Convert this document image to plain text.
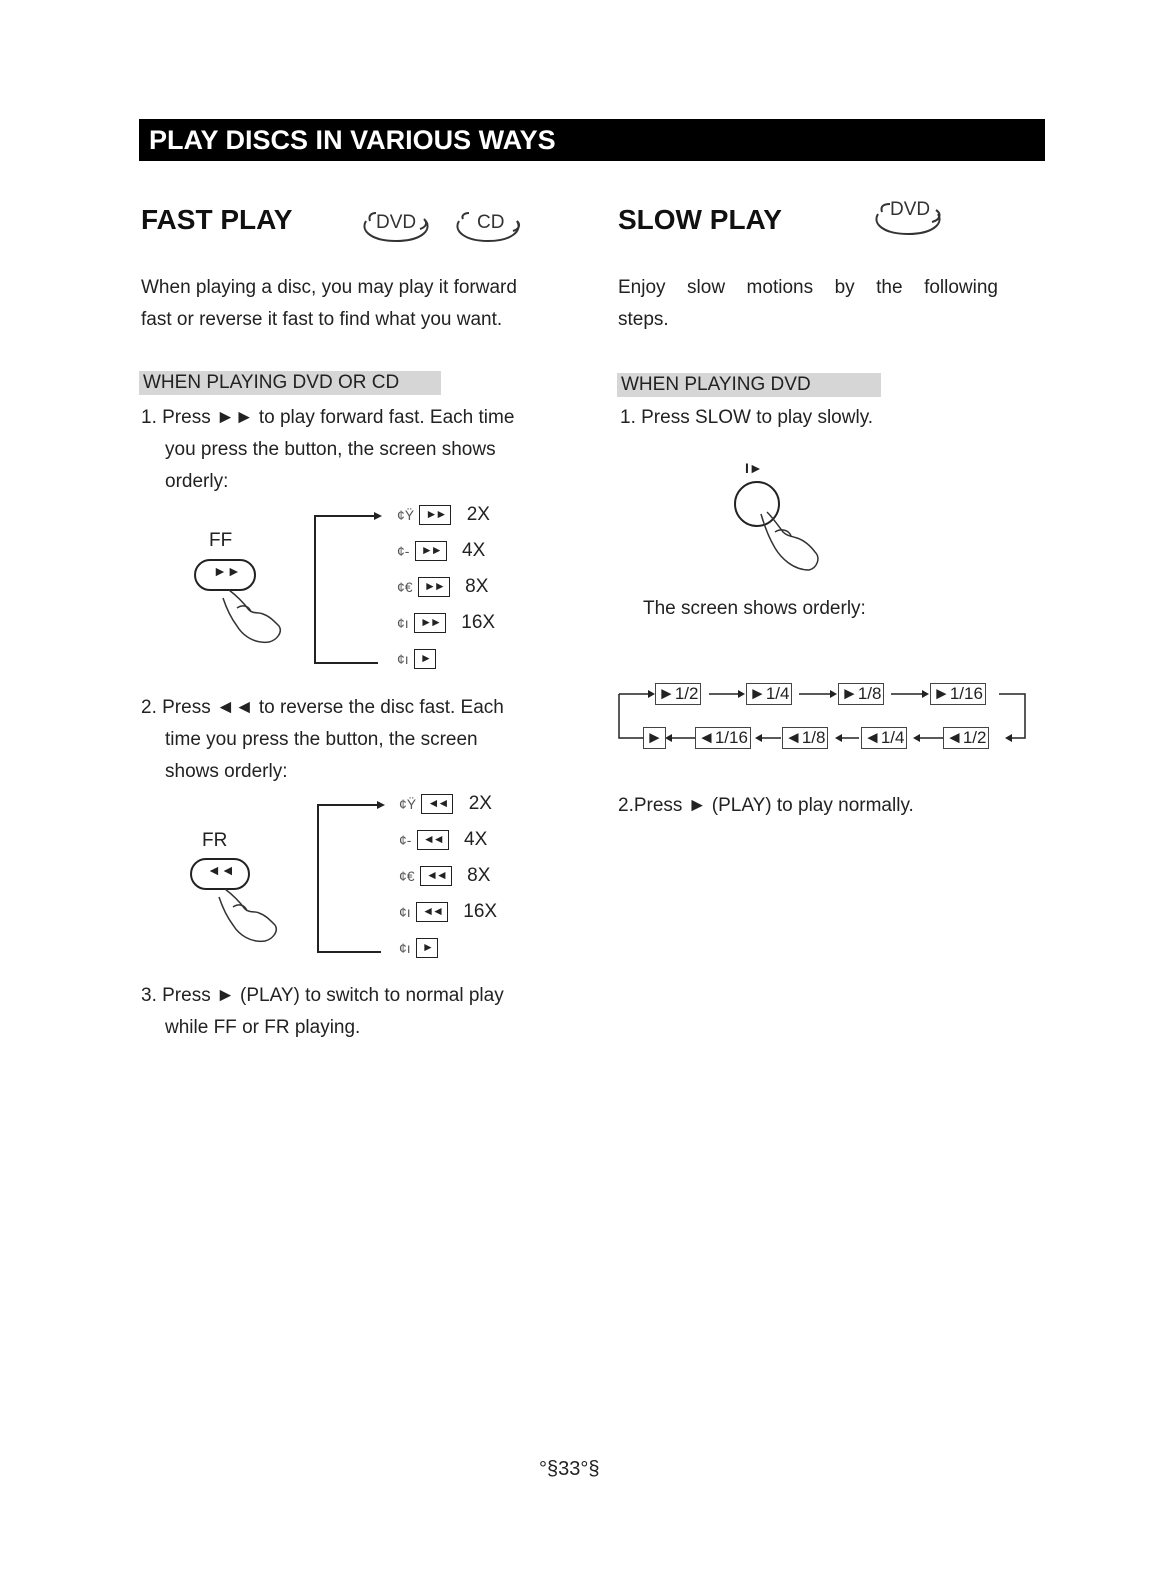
PLAY DISCS IN VARIOUS WAYS
FAST PLAY	DVD	CD
When playing a disc, you may play it forward
fast or reverse it fast to find what you want.
WHEN PLAYING DVD OR CD
1. Press ►► to play forward fast. Each time
you press the button, the screen shows
orderly:
FF
►►
¢Ÿ ►► 2X
¢- ►► 4X
¢€ ►► 8X
¢ı ►► 16X
¢ı ►
2. Press ◄◄ to reverse the disc fast. Each
time you press the button, the screen
shows orderly:
FR
◄◄
¢Ÿ ◄◄ 2X
¢- ◄◄ 4X
¢€ ◄◄ 8X
¢ı ◄◄ 16X
¢ı ►
3. Press ► (PLAY) to switch to normal play
while FF or FR playing.
SLOW PLAY	DVD
Enjoy slow motions by the following
steps.
WHEN PLAYING DVD
1. Press SLOW to play slowly.
I►
The screen shows orderly:
►1/2	►1/4	►1/8	►1/16
► ◄1/16 ◄1/8 ◄1/4 ◄1/2
2.Press ► (PLAY) to play normally.
°§33°§
